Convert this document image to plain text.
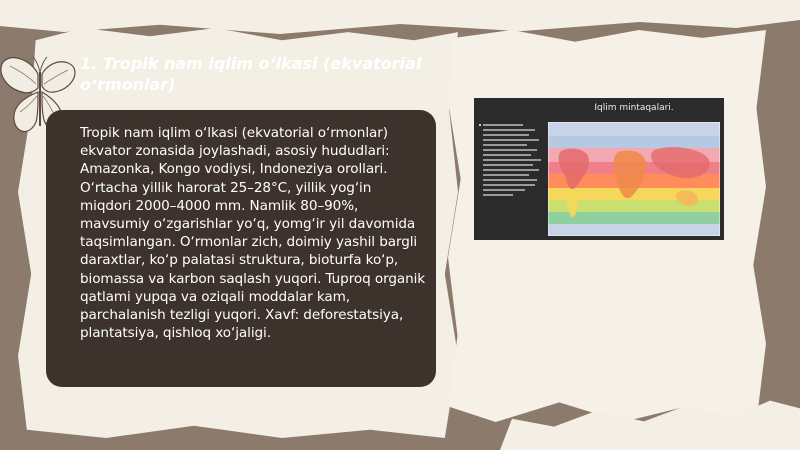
1. Tropik nam iqlim o‘lkasi (ekvatorial o‘rmonlar)

Tropik nam iqlim o‘lkasi (ekvatorial o‘rmonlar) ekvator zonasida joylashadi, asosiy hududlari: Amazonka, Kongo vodiysi, Indoneziya orollari. O‘rtacha yillik harorat 25–28°C, yillik yog‘in miqdori 2000–4000 mm. Namlik 80–90%, mavsumiy o‘zgarishlar yo‘q, yomg‘ir yil davomida taqsimlangan. O‘rmonlar zich, doimiy yashil bargli daraxtlar, ko‘p palatasi struktura, bioturfa ko‘p, biomassa va karbon saqlash yuqori. Tuproq organik qatlami yupqa va oziqali moddalar kam, parchalanish tezligi yuqori. Xavf: deforestatsiya, plantatsiya, qishloq xo‘jaligi.

Iqlim mintaqalari.
